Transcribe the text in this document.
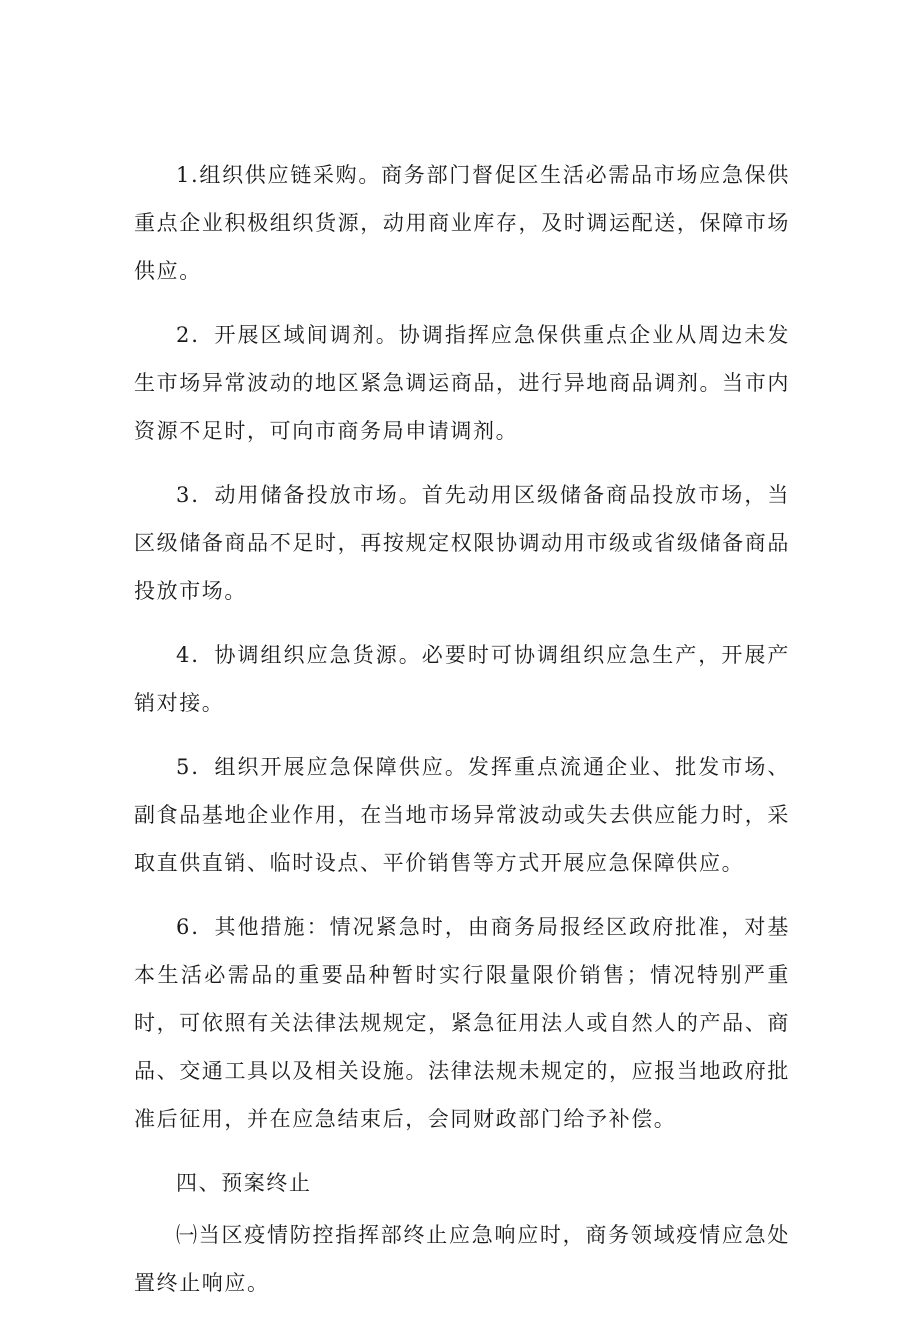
1.组织供应链采购。商务部门督促区生活必需品市场应急保供重点企业积极组织货源，动用商业库存，及时调运配送，保障市场供应。

2．开展区域间调剂。协调指挥应急保供重点企业从周边未发生市场异常波动的地区紧急调运商品，进行异地商品调剂。当市内资源不足时，可向市商务局申请调剂。

3．动用储备投放市场。首先动用区级储备商品投放市场，当区级储备商品不足时，再按规定权限协调动用市级或省级储备商品投放市场。

4．协调组织应急货源。必要时可协调组织应急生产，开展产销对接。

5．组织开展应急保障供应。发挥重点流通企业、批发市场、副食品基地企业作用，在当地市场异常波动或失去供应能力时，采取直供直销、临时设点、平价销售等方式开展应急保障供应。

6．其他措施：情况紧急时，由商务局报经区政府批准，对基本生活必需品的重要品种暂时实行限量限价销售；情况特别严重时，可依照有关法律法规规定，紧急征用法人或自然人的产品、商品、交通工具以及相关设施。法律法规未规定的，应报当地政府批准后征用，并在应急结束后，会同财政部门给予补偿。

四、预案终止

㈠当区疫情防控指挥部终止应急响应时，商务领域疫情应急处置终止响应。
